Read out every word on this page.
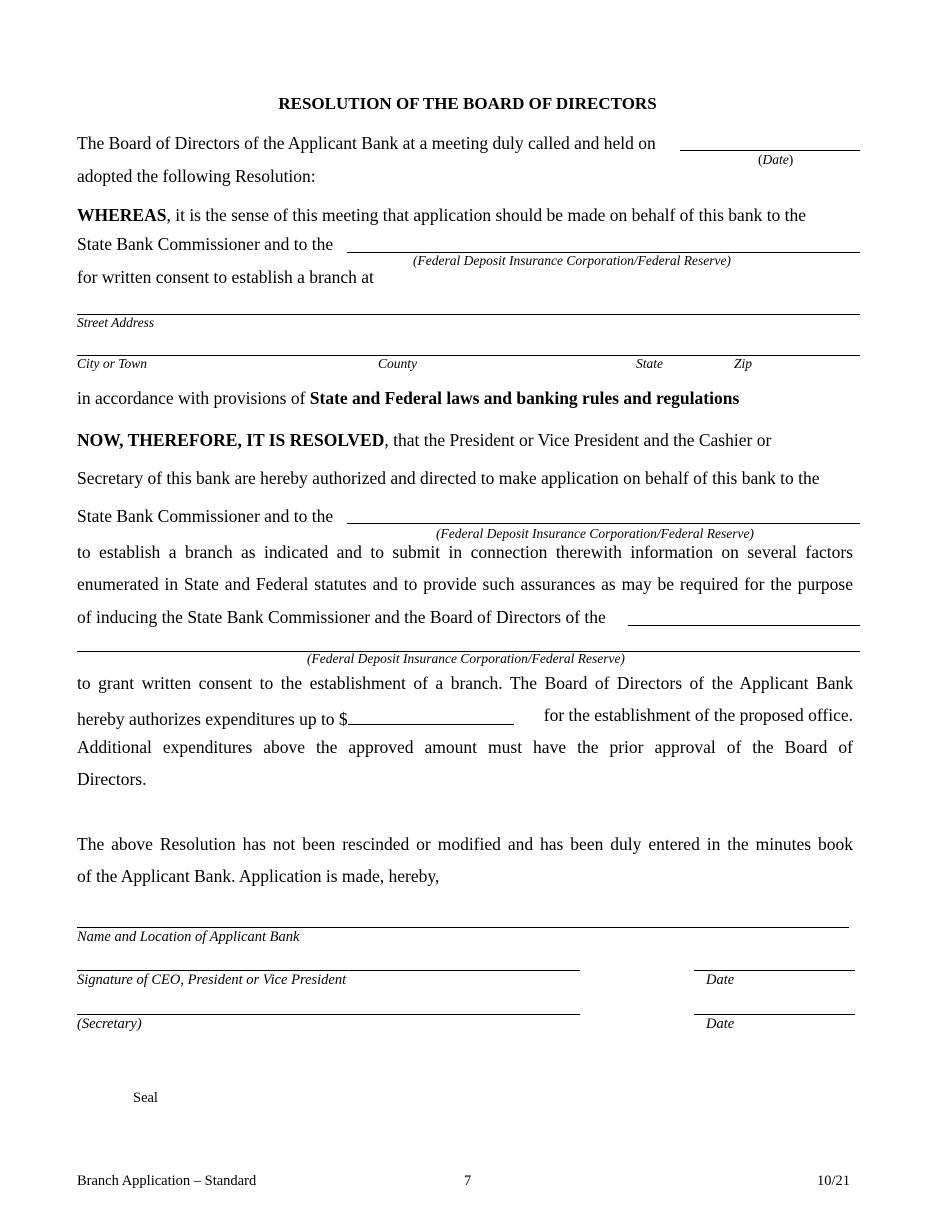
RESOLUTION OF THE BOARD OF DIRECTORS
The Board of Directors of the Applicant Bank at a meeting duly called and held on
(Date)
adopted the following Resolution:
WHEREAS, it is the sense of this meeting that application should be made on behalf of this bank to the
State Bank Commissioner and to the
(Federal Deposit Insurance Corporation/Federal Reserve)
for written consent to establish a branch at
Street Address
City or Town	County	State	Zip
in accordance with provisions of State and Federal laws and banking rules and regulations
NOW, THEREFORE, IT IS RESOLVED, that the President or Vice President and the Cashier or
Secretary of this bank are hereby authorized and directed to make application on behalf of this bank to the
State Bank Commissioner and to the
(Federal Deposit Insurance Corporation/Federal Reserve)
to establish a branch as indicated and to submit in connection therewith information on several factors
enumerated in State and Federal statutes and to provide such assurances as may be required for the purpose
of inducing the State Bank Commissioner and the Board of Directors of the
(Federal Deposit Insurance Corporation/Federal Reserve)
to grant written consent to the establishment of a branch. The Board of Directors of the Applicant Bank
hereby authorizes expenditures up to $	for the establishment of the proposed office.
Additional expenditures above the approved amount must have the prior approval of the Board of
Directors.
The above Resolution has not been rescinded or modified and has been duly entered in the minutes book
of the Applicant Bank. Application is made, hereby,
Name and Location of Applicant Bank
Signature of CEO, President or Vice President	Date
(Secretary)	Date
Seal
Branch Application – Standard	7	10/21
